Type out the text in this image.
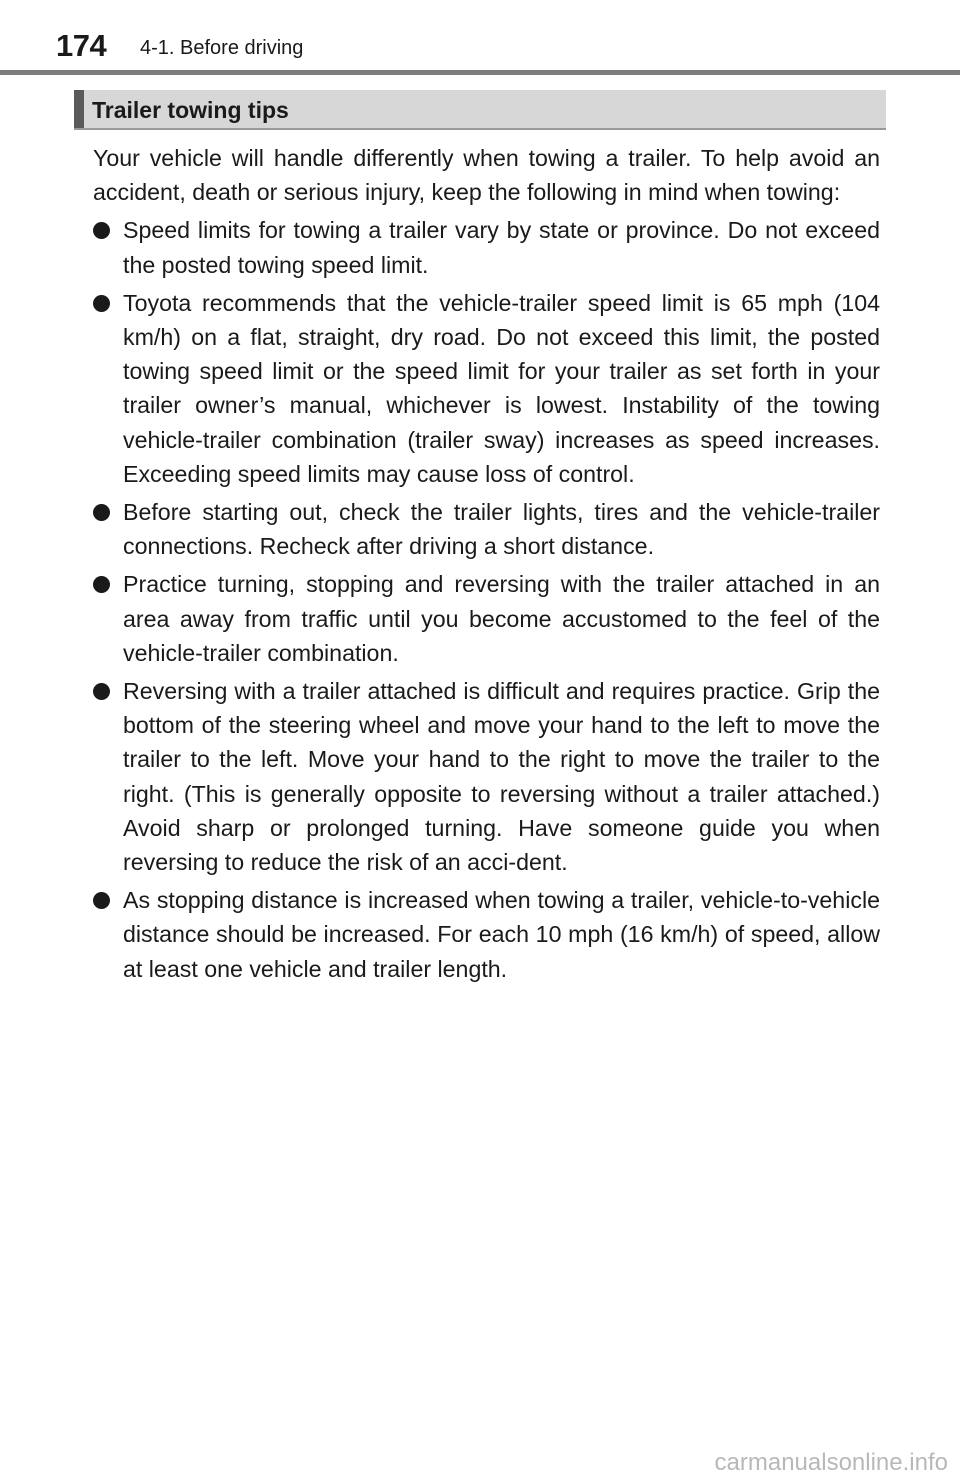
174 4-1. Before driving
Trailer towing tips

Your vehicle will handle differently when towing a trailer. To help avoid an accident, death or serious injury, keep the following in mind when towing:

Speed limits for towing a trailer vary by state or province. Do not exceed the posted towing speed limit.
Toyota recommends that the vehicle-trailer speed limit is 65 mph (104 km/h) on a flat, straight, dry road. Do not exceed this limit, the posted towing speed limit or the speed limit for your trailer as set forth in your trailer owner’s manual, whichever is lowest. Instability of the towing vehicle-trailer combination (trailer sway) increases as speed increases. Exceeding speed limits may cause loss of control.
Before starting out, check the trailer lights, tires and the vehicle-trailer connections. Recheck after driving a short distance.
Practice turning, stopping and reversing with the trailer attached in an area away from traffic until you become accustomed to the feel of the vehicle-trailer combination.
Reversing with a trailer attached is difficult and requires practice. Grip the bottom of the steering wheel and move your hand to the left to move the trailer to the left. Move your hand to the right to move the trailer to the right. (This is generally opposite to reversing without a trailer attached.) Avoid sharp or prolonged turning. Have someone guide you when reversing to reduce the risk of an acci-dent.
As stopping distance is increased when towing a trailer, vehicle-to-vehicle distance should be increased. For each 10 mph (16 km/h) of speed, allow at least one vehicle and trailer length.
carmanualsonline.info
